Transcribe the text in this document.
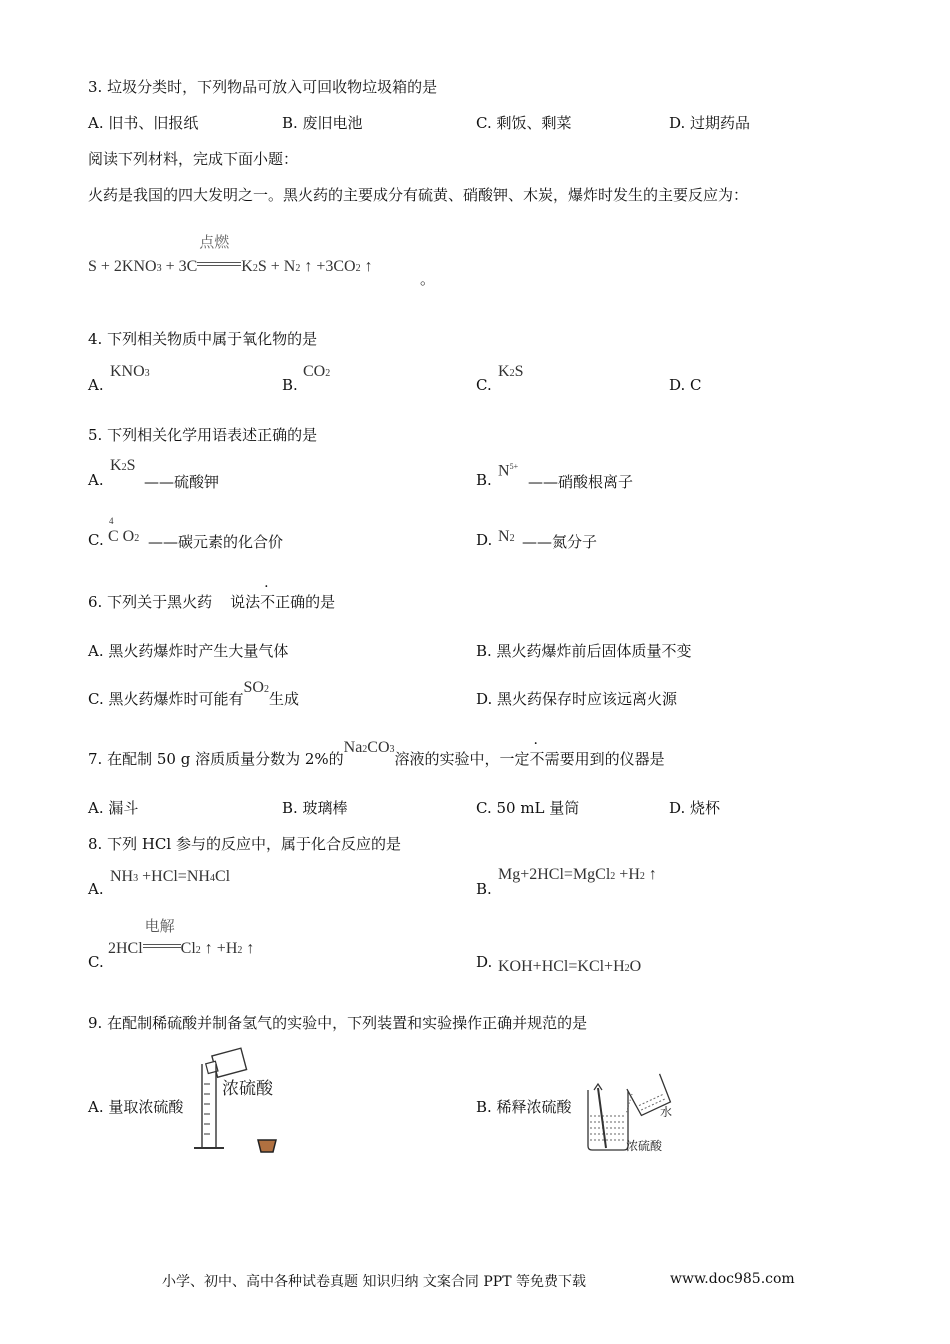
3. 垃圾分类时，下列物品可放入可回收物垃圾箱的是
A. 旧书、旧报纸	B. 废旧电池	C. 剩饭、剩菜	D. 过期药品
阅读下列材料，完成下面小题：
火药是我国的四大发明之一。黑火药的主要成分有硫黄、硝酸钾、木炭，爆炸时发生的主要反应为：
S + 2KNO3 + 3C
点燃
K2S + N2 ↑ +3CO2 ↑
。
4. 下列相关物质中属于氧化物的是
A.
KNO3
B.
CO2
C.
K2S
D. C
5. 下列相关化学用语表述正确的是
A.
K2S
——硫酸钾	B.
$N^{5+}$
——硝酸根离子
C.
4
C O2 ——碳元素的化合价	D. N2 ——氮分子
6. 下列关于黑火药 说法不正确的是
A. 黑火药爆炸时产生大量气体	B. 黑火药爆炸前后固体质量不变
C. 黑火药爆炸时可能有SO2生成	D. 黑火药保存时应该远离火源
7. 在配制 50 g 溶质质量分数为 2%的Na2CO3溶液的实验中，一定不需要用到的仪器是
A. 漏斗	B. 玻璃棒	C. 50 mL 量筒	D. 烧杯
8. 下列 HCl 参与的反应中，属于化合反应的是
A.
NH3 +HCl=NH4Cl
B.
Mg+2HCl=MgCl2 +H2 ↑
C.
2HCl
电解
Cl2 ↑ +H2 ↑
D. KOH+HCl=KCl+H2O
9. 在配制稀硫酸并制备氢气的实验中，下列装置和实验操作正确并规范的是
A. 量取浓硫酸	B. 稀释浓硫酸
浓硫酸
水
浓硫酸
小学、初中、高中各种试卷真题 知识归纳 文案合同 PPT 等免费下载	www.doc985.com
